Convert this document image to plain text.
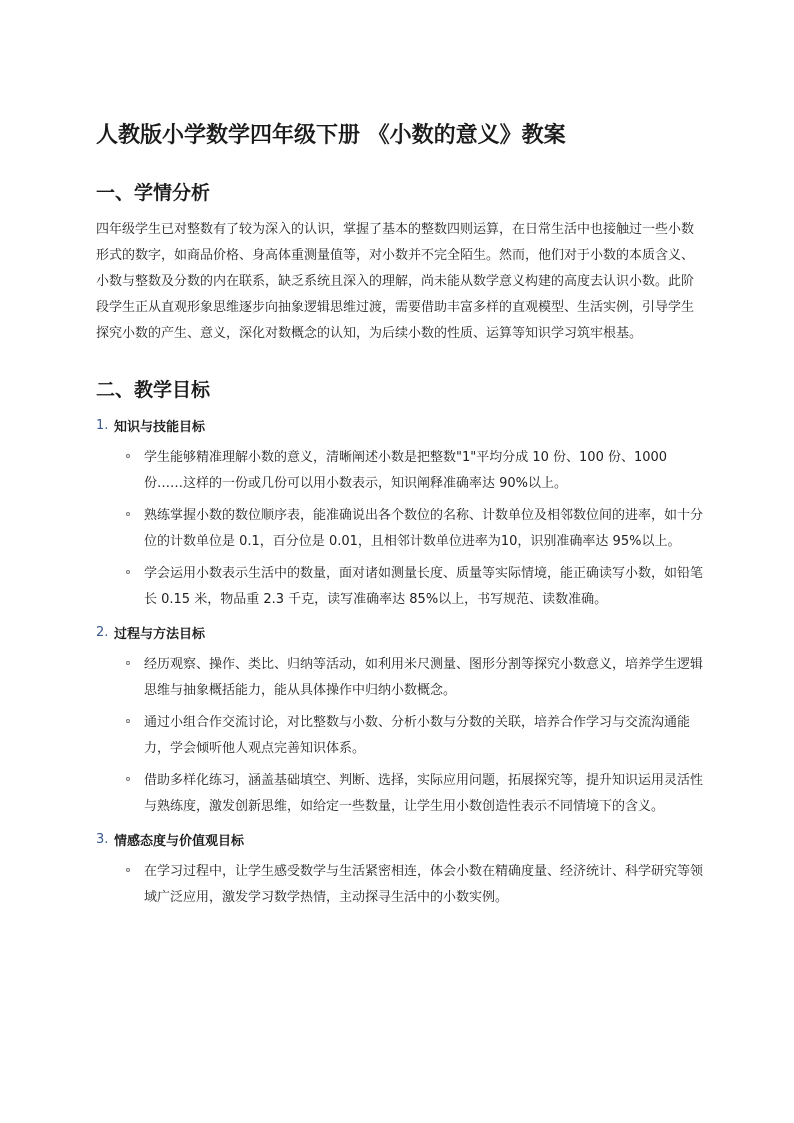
人教版小学数学四年级下册 《小数的意义》教案
一、学情分析

四年级学生已对整数有了较为深入的认识，掌握了基本的整数四则运算，在日常生活中也接触过一些小数形式的数字，如商品价格、身高体重测量值等，对小数并不完全陌生。然而，他们对于小数的本质含义、小数与整数及分数的内在联系，缺乏系统且深入的理解，尚未能从数学意义构建的高度去认识小数。此阶段学生正从直观形象思维逐步向抽象逻辑思维过渡，需要借助丰富多样的直观模型、生活实例，引导学生探究小数的产生、意义，深化对数概念的认知，为后续小数的性质、运算等知识学习筑牢根基。

二、教学目标
1. 知识与技能目标
学生能够精准理解小数的意义，清晰阐述小数是把整数"1"平均分成 10 份、100 份、1000 份……这样的一份或几份可以用小数表示，知识阐释准确率达 90%以上。
熟练掌握小数的数位顺序表，能准确说出各个数位的名称、计数单位及相邻数位间的进率，如十分位的计数单位是 0.1，百分位是 0.01，且相邻计数单位进率为10，识别准确率达 95%以上。
学会运用小数表示生活中的数量，面对诸如测量长度、质量等实际情境，能正确读写小数，如铅笔长 0.15 米，物品重 2.3 千克，读写准确率达 85%以上，书写规范、读数准确。
2. 过程与方法目标
经历观察、操作、类比、归纳等活动，如利用米尺测量、图形分割等探究小数意义，培养学生逻辑思维与抽象概括能力，能从具体操作中归纳小数概念。
通过小组合作交流讨论，对比整数与小数、分析小数与分数的关联，培养合作学习与交流沟通能力，学会倾听他人观点完善知识体系。
借助多样化练习，涵盖基础填空、判断、选择，实际应用问题，拓展探究等，提升知识运用灵活性与熟练度，激发创新思维，如给定一些数量，让学生用小数创造性表示不同情境下的含义。
3. 情感态度与价值观目标
在学习过程中，让学生感受数学与生活紧密相连，体会小数在精确度量、经济统计、科学研究等领域广泛应用，激发学习数学热情，主动探寻生活中的小数实例。
